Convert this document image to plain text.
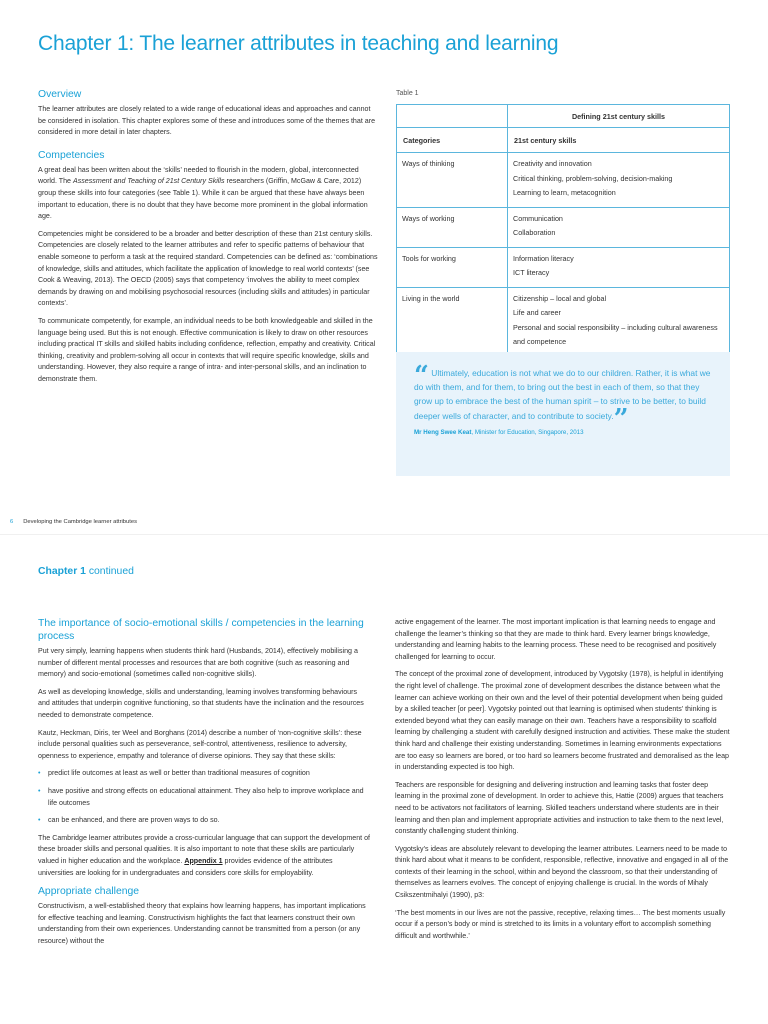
Chapter 1: The learner attributes in teaching and learning
Overview

The learner attributes are closely related to a wide range of educational ideas and approaches and cannot be considered in isolation. This chapter explores some of these and introduces some of the themes that are considered in more detail in later chapters.

Competencies

A great deal has been written about the ‘skills’ needed to flourish in the modern, global, interconnected world. The Assessment and Teaching of 21st Century Skills researchers (Griffin, McGaw & Care, 2012) group these skills into four categories (see Table 1). While it can be argued that these have always been important to education, there is no doubt that they have become more prominent in the global information age.

Competencies might be considered to be a broader and better description of these than 21st century skills. Competencies are closely related to the learner attributes and refer to specific patterns of behaviour that enable someone to perform a task at the required standard. Competencies can be defined as: ‘combinations of knowledge, skills and attitudes, which facilitate the application of knowledge to real world contexts’ (see Cook & Weaving, 2013). The OECD (2005) says that competency ‘involves the ability to meet complex demands by drawing on and mobilising psychosocial resources (including skills and attitudes) in particular contexts’.

To communicate competently, for example, an individual needs to be both knowledgeable and skilled in the language being used. But this is not enough. Effective communication is likely to draw on other resources including practical IT skills and skilled habits including confidence, reflection, empathy and creativity. Critical thinking, creativity and problem-solving all occur in contexts that will require specific knowledge, skills and understanding. However, they also require a range of intra- and inter-personal skills, and an inclination to demonstrate them.

Table 1
	Defining 21st century skills
Categories	21st century skills
Ways of thinking	Creativity and innovation
Critical thinking, problem-solving, decision-making
Learning to learn, metacognition

Ways of working	Communication
Collaboration

Tools for working	Information literacy
ICT literacy

Living in the world	Citizenship – local and global
Life and career
Personal and social responsibility – including cultural awareness and competence
“ Ultimately, education is not what we do to our children. Rather, it is what we do with them, and for them, to bring out the best in each of them, so that they grow up to embrace the best of the human spirit – to strive to be better, to build deeper wells of character, and to contribute to society.”
Mr Heng Swee Keat, Minister for Education, Singapore, 2013
6 Developing the Cambridge learner attributes
Chapter 1 continued
The importance of socio-emotional skills / competencies in the learning process

Put very simply, learning happens when students think hard (Husbands, 2014), effectively mobilising a number of different mental processes and resources that are both cognitive (such as reasoning and memory) and socio-emotional (sometimes called non-cognitive skills).

As well as developing knowledge, skills and understanding, learning involves transforming behaviours and attitudes that underpin cognitive functioning, so that students have the inclination and the resources needed to demonstrate competence.

Kautz, Heckman, Diris, ter Weel and Borghans (2014) describe a number of ‘non-cognitive skills’: these include personal qualities such as perseverance, self-control, attentiveness, resilience to adversity, openness to experience, empathy and tolerance of diverse opinions. They say that these skills:

• predict life outcomes at least as well or better than traditional measures of cognition
• have positive and strong effects on educational attainment. They also help to improve workplace and life outcomes
• can be enhanced, and there are proven ways to do so.

The Cambridge learner attributes provide a cross-curricular language that can support the development of these broader skills and personal qualities. It is also important to note that these skills are particularly valued in higher education and the workplace. Appendix 1 provides evidence of the attributes universities are looking for in undergraduates and considers core skills for employability.

Appropriate challenge

Constructivism, a well-established theory that explains how learning happens, has important implications for effective teaching and learning. Constructivism highlights the fact that learners construct their own understanding from their own experiences. Understanding cannot be transmitted from a person (or any resource) without the

active engagement of the learner. The most important implication is that learning needs to engage and challenge the learner’s thinking so that they are made to think hard. Every learner brings knowledge, understanding and learning habits to the learning process. These need to be recognised and positively challenged for learning to occur.

The concept of the proximal zone of development, introduced by Vygotsky (1978), is helpful in identifying the right level of challenge. The proximal zone of development describes the distance between what the learner can achieve working on their own and the level of their potential development when being guided by a skilled teacher [or peer]. Vygotsky pointed out that learning is optimised when students’ thinking is extended beyond what they can easily manage on their own. Teachers have a responsibility to scaffold learning by challenging a student with carefully designed instruction and activities. These make the student think hard and challenge their existing understanding. Sometimes in learning environments expectations are too easy so learners are bored, or too hard so learners become frustrated and demoralised as the leap in understanding expected is too high.

Teachers are responsible for designing and delivering instruction and learning tasks that foster deep learning in the proximal zone of development. In order to achieve this, Hattie (2009) argues that teachers need to be activators not facilitators of learning. Skilled teachers understand where students are in their learning and then plan and implement appropriate activities and instruction to take them to the next level, constantly challenging student thinking.

Vygotsky’s ideas are absolutely relevant to developing the learner attributes. Learners need to be made to think hard about what it means to be confident, responsible, reflective, innovative and engaged in all of the contexts of their learning in the school, within and beyond the classroom, so that their understanding of themselves as learners evolves. The concept of enjoying challenge is crucial. In the words of Mihaly Csikszentmihalyi (1990), p3:

‘The best moments in our lives are not the passive, receptive, relaxing times… The best moments usually occur if a person’s body or mind is stretched to its limits in a voluntary effort to accomplish something difficult and worthwhile.’
